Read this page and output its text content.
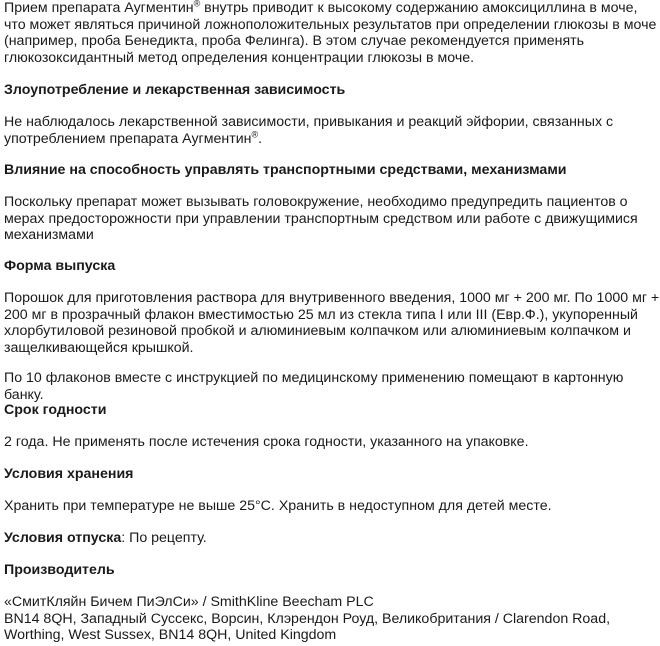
Прием препарата Аугментин® внутрь приводит к высокому содержанию амоксициллина в моче, что может являться причиной ложноположительных результатов при определении глюкозы в моче (например, проба Бенедикта, проба Фелинга). В этом случае рекомендуется применять глюкозоксидантный метод определения концентрации глюкозы в моче.

Злоупотребление и лекарственная зависимость

Не наблюдалось лекарственной зависимости, привыкания и реакций эйфории, связанных с употреблением препарата Аугментин®.

Влияние на способность управлять транспортными средствами, механизмами
Поскольку препарат может вызывать головокружение, необходимо предупредить пациентов о мерах предосторожности при управлении транспортным средством или работе с движущимися механизмами
Форма выпуска
Порошок для приготовления раствора для внутривенного введения, 1000 мг + 200 мг. По 1000 мг + 200 мг в прозрачный флакон вместимостью 25 мл из стекла типа I или III (Евр.Ф.), укупоренный хлорбутиловой резиновой пробкой и алюминиевым колпачком или алюминиевым колпачком и защелкивающейся крышкой.
По 10 флаконов вместе с инструкцией по медицинскому применению помещают в картонную банку.
Срок годности
2 года. Не применять после истечения срока годности, указанного на упаковке.
Условия хранения
Хранить при температуре не выше 25°С. Хранить в недоступном для детей месте.
Условия отпуска: По рецепту.
Производитель

«СмитКляйн Бичем ПиЭлСи» / SmithKline Beecham PLC

BN14 8QH, Западный Суссекс, Ворсин, Клэрендон Роуд, Великобритания / Clarendon Road, Worthing, West Sussex, BN14 8QH, United Kingdom
